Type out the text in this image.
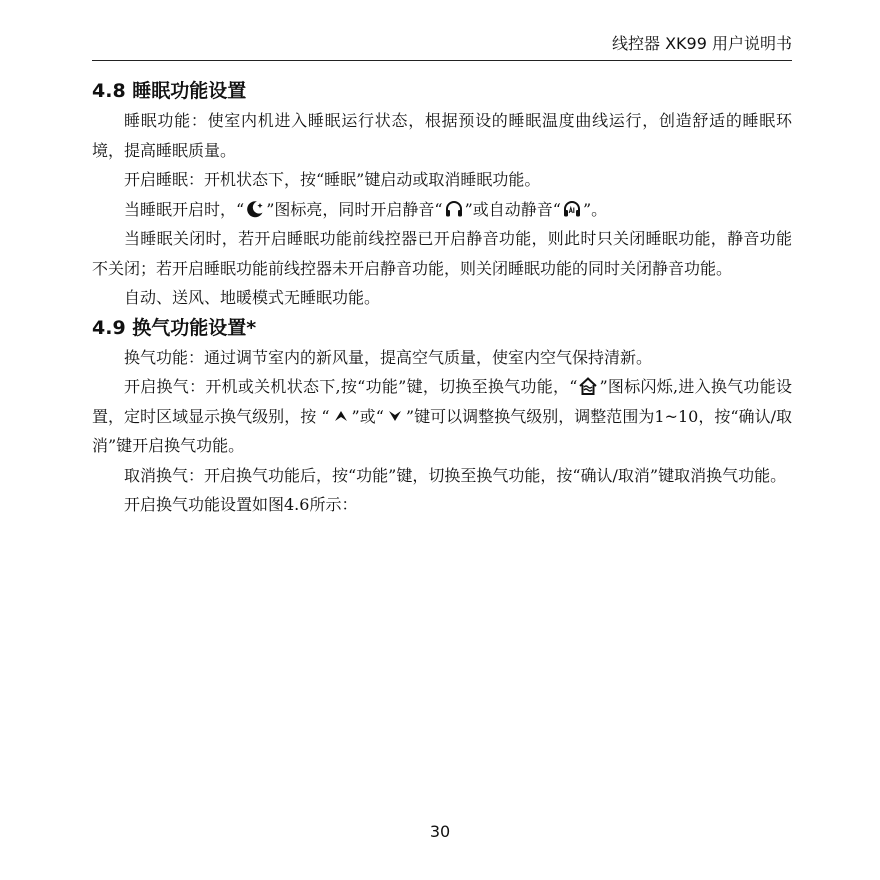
线控器 XK99 用户说明书
4.8 睡眠功能设置

睡眠功能：使室内机进入睡眠运行状态，根据预设的睡眠温度曲线运行，创造舒适的睡眠环境，提高睡眠质量。

开启睡眠：开机状态下，按“睡眠”键启动或取消睡眠功能。

当睡眠开启时，“ ”图标亮，同时开启静音“ ”或自动静音“ ”。

当睡眠关闭时，若开启睡眠功能前线控器已开启静音功能，则此时只关闭睡眠功能，静音功能不关闭；若开启睡眠功能前线控器未开启静音功能，则关闭睡眠功能的同时关闭静音功能。

自动、送风、地暖模式无睡眠功能。

4.9 换气功能设置*

换气功能：通过调节室内的新风量，提高空气质量，使室内空气保持清新。

开启换气：开机或关机状态下,按“功能”键，切换至换气功能，“ ”图标闪烁,进入换气功能设置，定时区域显示换气级别，按 “ ”或“ ”键可以调整换气级别，调整范围为1~10，按“确认/取消”键开启换气功能。

取消换气：开启换气功能后，按“功能”键，切换至换气功能，按“确认/取消”键取消换气功能。

开启换气功能设置如图4.6所示：

30
